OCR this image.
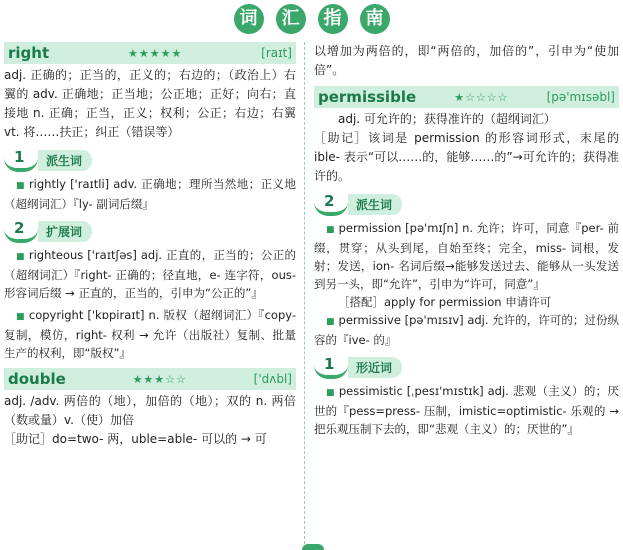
词 汇 指 南
right	★★★★★	[raɪt]

adj. 正确的；正当的，正义的；右边的；（政治上）右翼的 adv. 正确地；正当地；公正地；正好；向右；直接地 n. 正确；正当，正义；权利；公正；右边；右翼 vt. 将……扶正；纠正（错误等）

1	派生词

■ rightly ['raɪtli] adv. 正确地；理所当然地；正义地（超纲词汇）『ly- 副词后缀』

2	扩展词

■ righteous ['raɪtʃəs] adj. 正直的，正当的；公正的（超纲词汇）『right- 正确的；径直地，e- 连字符，ous- 形容词后缀 → 正直的，正当的，引申为“公正的”』

■ copyright ['kɒpiraɪt] n. 版权（超纲词汇）『copy- 复制，模仿，right- 权利 → 允许（出版社）复制、批量生产的权利，即“版权”』

double	★★★☆☆	['dʌbl]

adj. /adv. 两倍的（地），加倍的（地）；双的 n. 两倍（数或量）v.（使）加倍

［助记］do=two- 两，uble=able- 可以的 → 可

以增加为两倍的，即“两倍的，加倍的”，引申为“使加倍”。

permissible	★☆☆☆☆	[pə'mɪsəbl]

adj. 可允许的；获得准许的（超纲词汇）

［助记］该词是 permission 的形容词形式，末尾的 ible- 表示“可以……的，能够……的”→可允许的；获得准许的。

2	派生词

■ permission [pə'mɪʃn] n. 允许；许可，同意『per- 前缀，贯穿；从头到尾，自始至终；完全，miss- 词根，发射；发送，ion- 名词后缀→能够发送过去、能够从一头发送到另一头，即“允许”，引申为“许可，同意”』

［搭配］apply for permission 申请许可

■ permissive [pə'mɪsɪv] adj. 允许的，许可的；过份纵容的『ive- 的』

1	形近词

■ pessimistic [ˌpesɪ'mɪstɪk] adj. 悲观（主义）的；厌世的『pess=press- 压制，imistic=optimistic- 乐观的 → 把乐观压制下去的，即“悲观（主义）的；厌世的”』
